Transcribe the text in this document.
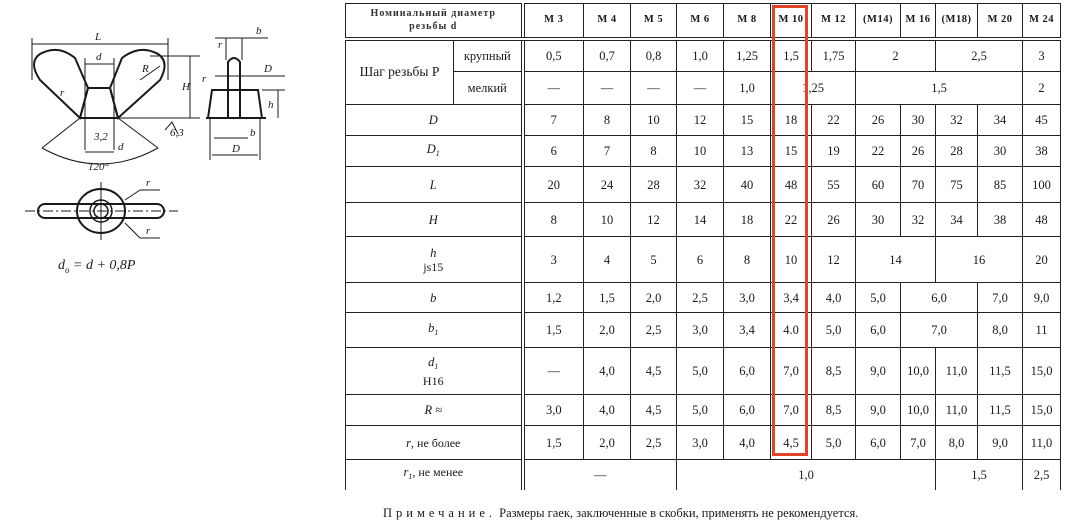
L
d
R
r	H
3,2
d
120°
6,3
b
r
D
r
h
b
D
r
r
$d_o = d + 0,8P$
Номинальный диаметр
резьбы d		M 3	M 4	M 5	M 6	M 8	M 10	M 12	(M14)	M 16	(M18)	M 20	M 24
Шаг резьбы P	крупный	0,5	0,7	0,8	1,0	1,25	1,5	1,75	2		2,5		3
	мелкий	—	—	—	—	1,0	1,25		1,5				2

D		7	8	10	12	15	18	22	26	30	32	34	45

$D_1$		6	7	8	10	13	15	19	22	26	28	30	38

L		20	24	28	32	40	48	55	60	70	75	85	100

H		8	10	12	14	18	22	26	30	32	34	38	48

h
js15		3	4	5	6	8	10	12	14		16		20

b		1,2	1,5	2,0	2,5	3,0	3,4	4,0	5,0	6,0		7,0	9,0

$b_1$		1,5	2,0	2,5	3,0	3,4	4.0	5,0	6,0	7,0		8,0	11

$d_1$
H16		—	4,0	4,5	5,0	6,0	7,0	8,5	9,0	10,0	11,0	11,5	15,0

R ≈		3,0	4,0	4,5	5,0	6,0	7,0	8,5	9,0	10,0	11,0	11,5	15,0

r, не более		1,5	2,0	2,5	3,0	4,0	4,5	5,0	6,0	7,0	8,0	9,0	11,0

$r_1$, не менее		—			1,0						1,5		2,5
Примечание. Размеры гаек, заключенные в скобки, применять не рекомендуется.
